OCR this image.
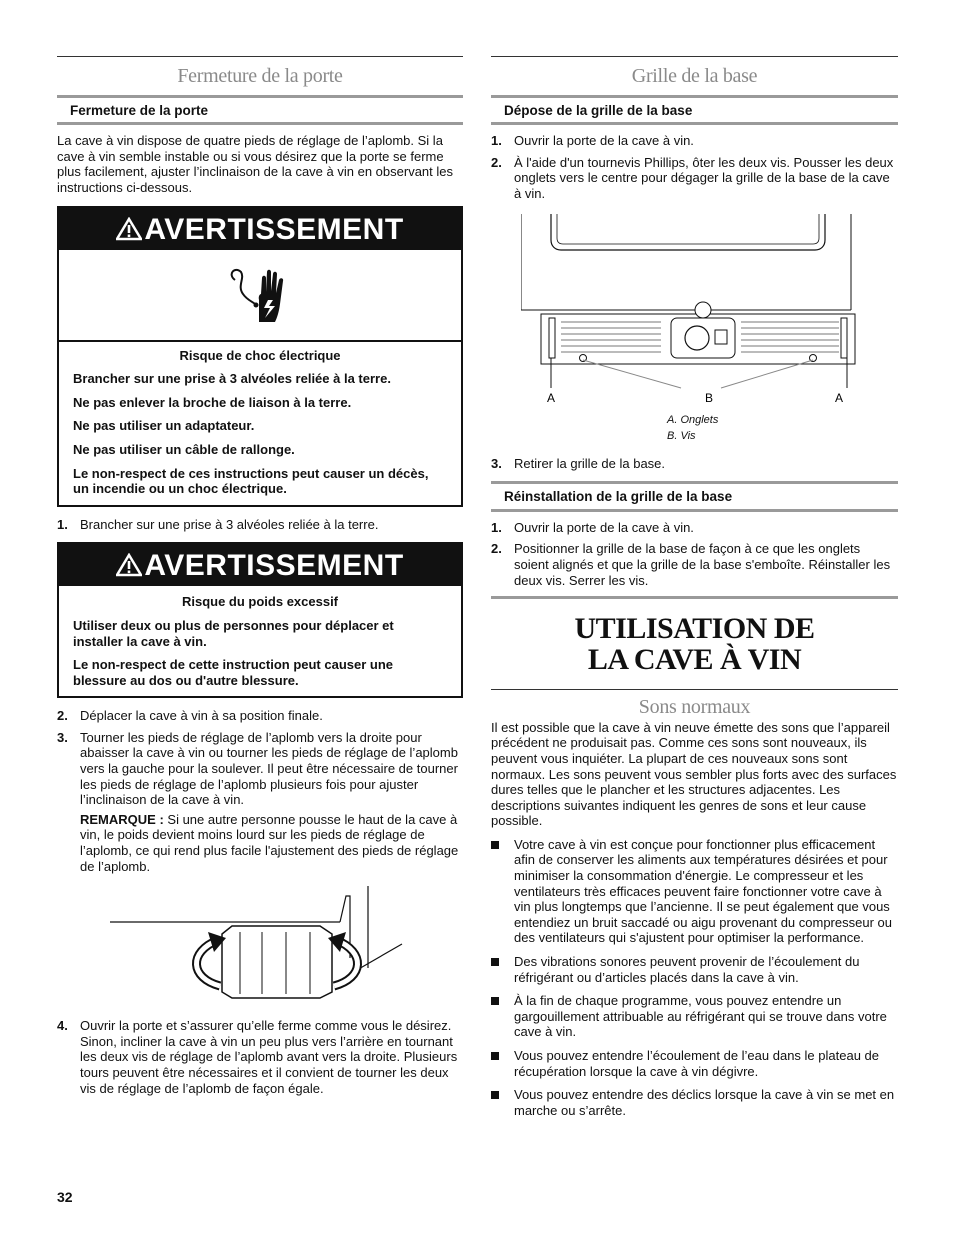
Fermeture de la porte
Fermeture de la porte

La cave à vin dispose de quatre pieds de réglage de l’aplomb. Si la cave à vin semble instable ou si vous désirez que la porte se ferme plus facilement, ajuster l’inclinaison de la cave à vin en observant les instructions ci-dessous.

AVERTISSEMENT
Risque de choc électrique
Brancher sur une prise à 3 alvéoles reliée à la terre.
Ne pas enlever la broche de liaison à la terre.
Ne pas utiliser un adaptateur.
Ne pas utiliser un câble de rallonge.
Le non-respect de ces instructions peut causer un décès, un incendie ou un choc électrique.
1. Brancher sur une prise à 3 alvéoles reliée à la terre.
AVERTISSEMENT
Risque du poids excessif
Utiliser deux ou plus de personnes pour déplacer et installer la cave à vin.
Le non-respect de cette instruction peut causer une blessure au dos ou d'autre blessure.
2. Déplacer la cave à vin à sa position finale.
3. Tourner les pieds de réglage de l’aplomb vers la droite pour abaisser la cave à vin ou tourner les pieds de réglage de l’aplomb vers la gauche pour la soulever. Il peut être nécessaire de tourner les pieds de réglage de l’aplomb plusieurs fois pour ajuster l’inclinaison de la cave à vin.

REMARQUE : Si une autre personne pousse le haut de la cave à vin, le poids devient moins lourd sur les pieds de réglage de l’aplomb, ce qui rend plus facile l'ajustement des pieds de réglage de l’aplomb.

4. Ouvrir la porte et s’assurer qu’elle ferme comme vous le désirez. Sinon, incliner la cave à vin un peu plus vers l’arrière en tournant les deux vis de réglage de l’aplomb avant vers la droite. Plusieurs tours peuvent être nécessaires et il convient de tourner les deux vis de réglage de l’aplomb de façon égale.
Grille de la base
Dépose de la grille de la base
1. Ouvrir la porte de la cave à vin.
2. À l'aide d'un tournevis Phillips, ôter les deux vis. Pousser les deux onglets vers le centre pour dégager la grille de la base de la cave à vin.
A	B	A
A. Onglets
B. Vis
3. Retirer la grille de la base.
Réinstallation de la grille de la base
1. Ouvrir la porte de la cave à vin.
2. Positionner la grille de la base de façon à ce que les onglets soient alignés et que la grille de la base s'emboîte. Réinstaller les deux vis. Serrer les vis.
UTILISATION DE
LA CAVE À VIN
Sons normaux

Il est possible que la cave à vin neuve émette des sons que l’appareil précédent ne produisait pas. Comme ces sons sont nouveaux, ils peuvent vous inquiéter. La plupart de ces nouveaux sons sont normaux. Les sons peuvent vous sembler plus forts avec des surfaces dures telles que le plancher et les structures adjacentes. Les descriptions suivantes indiquent les genres de sons et leur cause possible.

Votre cave à vin est conçue pour fonctionner plus efficacement afin de conserver les aliments aux températures désirées et pour minimiser la consommation d'énergie. Le compresseur et les ventilateurs très efficaces peuvent faire fonctionner votre cave à vin plus longtemps que l’ancienne. Il se peut également que vous entendiez un bruit saccadé ou aigu provenant du compresseur ou des ventilateurs qui s'ajustent pour optimiser la performance.
Des vibrations sonores peuvent provenir de l’écoulement du réfrigérant ou d’articles placés dans la cave à vin.
À la fin de chaque programme, vous pouvez entendre un gargouillement attribuable au réfrigérant qui se trouve dans votre cave à vin.
Vous pouvez entendre l’écoulement de l’eau dans le plateau de récupération lorsque la cave à vin dégivre.
Vous pouvez entendre des déclics lorsque la cave à vin se met en marche ou s’arrête.
32
